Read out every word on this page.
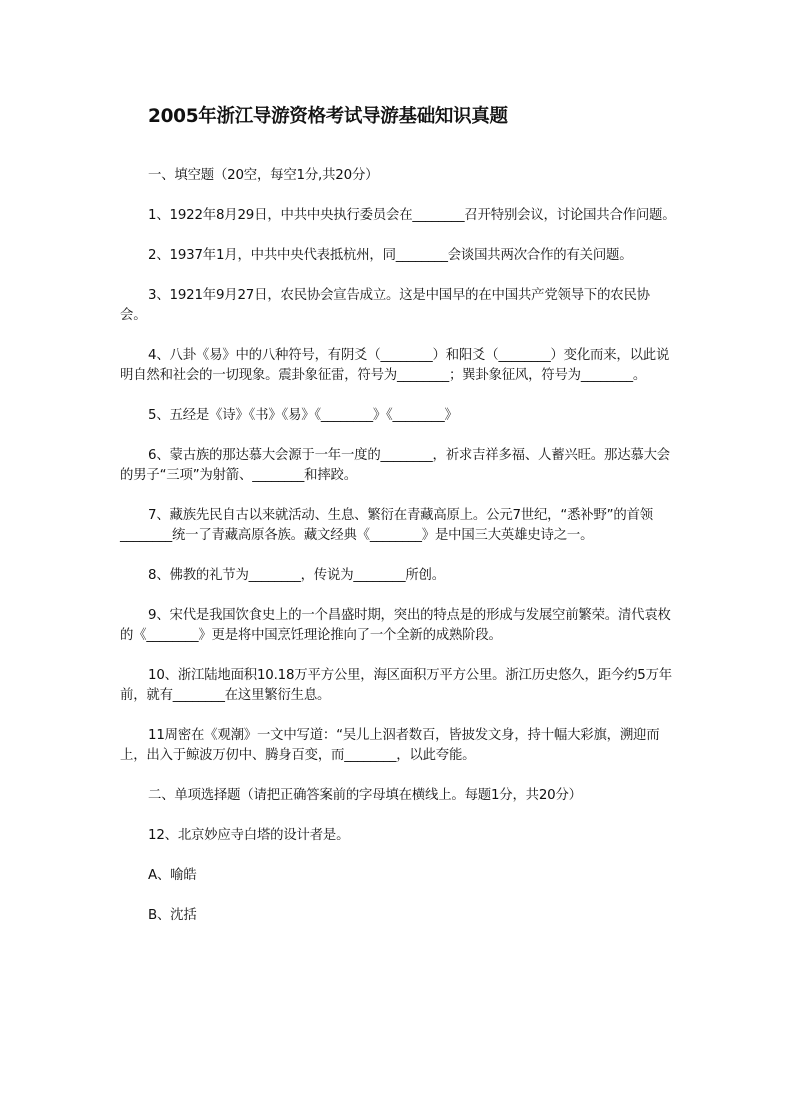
2005年浙江导游资格考试导游基础知识真题

一、填空题（20空，每空1分,共20分）

1、1922年8月29日，中共中央执行委员会在________召开特别会议，讨论国共合作问题。

2、1937年1月，中共中央代表抵杭州，同________会谈国共两次合作的有关问题。

3、1921年9月27日，农民协会宣告成立。这是中国早的在中国共产党领导下的农民协会。

4、八卦《易》中的八种符号，有阴爻（________）和阳爻（________）变化而来，以此说明自然和社会的一切现象。震卦象征雷，符号为________；巽卦象征风，符号为________。

5、五经是《诗》《书》《易》《________》《________》

6、蒙古族的那达慕大会源于一年一度的________，祈求吉祥多福、人蓄兴旺。那达慕大会的男子“三项”为射箭、________和摔跤。

7、藏族先民自古以来就活动、生息、繁衍在青藏高原上。公元7世纪，“悉补野”的首领________统一了青藏高原各族。藏文经典《________》是中国三大英雄史诗之一。

8、佛教的礼节为________，传说为________所创。

9、宋代是我国饮食史上的一个昌盛时期，突出的特点是的形成与发展空前繁荣。清代袁枚的《________》更是将中国烹饪理论推向了一个全新的成熟阶段。

10、浙江陆地面积10.18万平方公里，海区面积万平方公里。浙江历史悠久，距今约5万年前，就有________在这里繁衍生息。

11周密在《观潮》一文中写道：“吴儿上泅者数百，皆披发文身，持十幅大彩旗，溯迎而上，出入于鲸波万仞中、腾身百变，而________，以此夸能。

二、单项选择题（请把正确答案前的字母填在横线上。每题1分，共20分）

12、北京妙应寺白塔的设计者是。

A、喻皓

B、沈括
